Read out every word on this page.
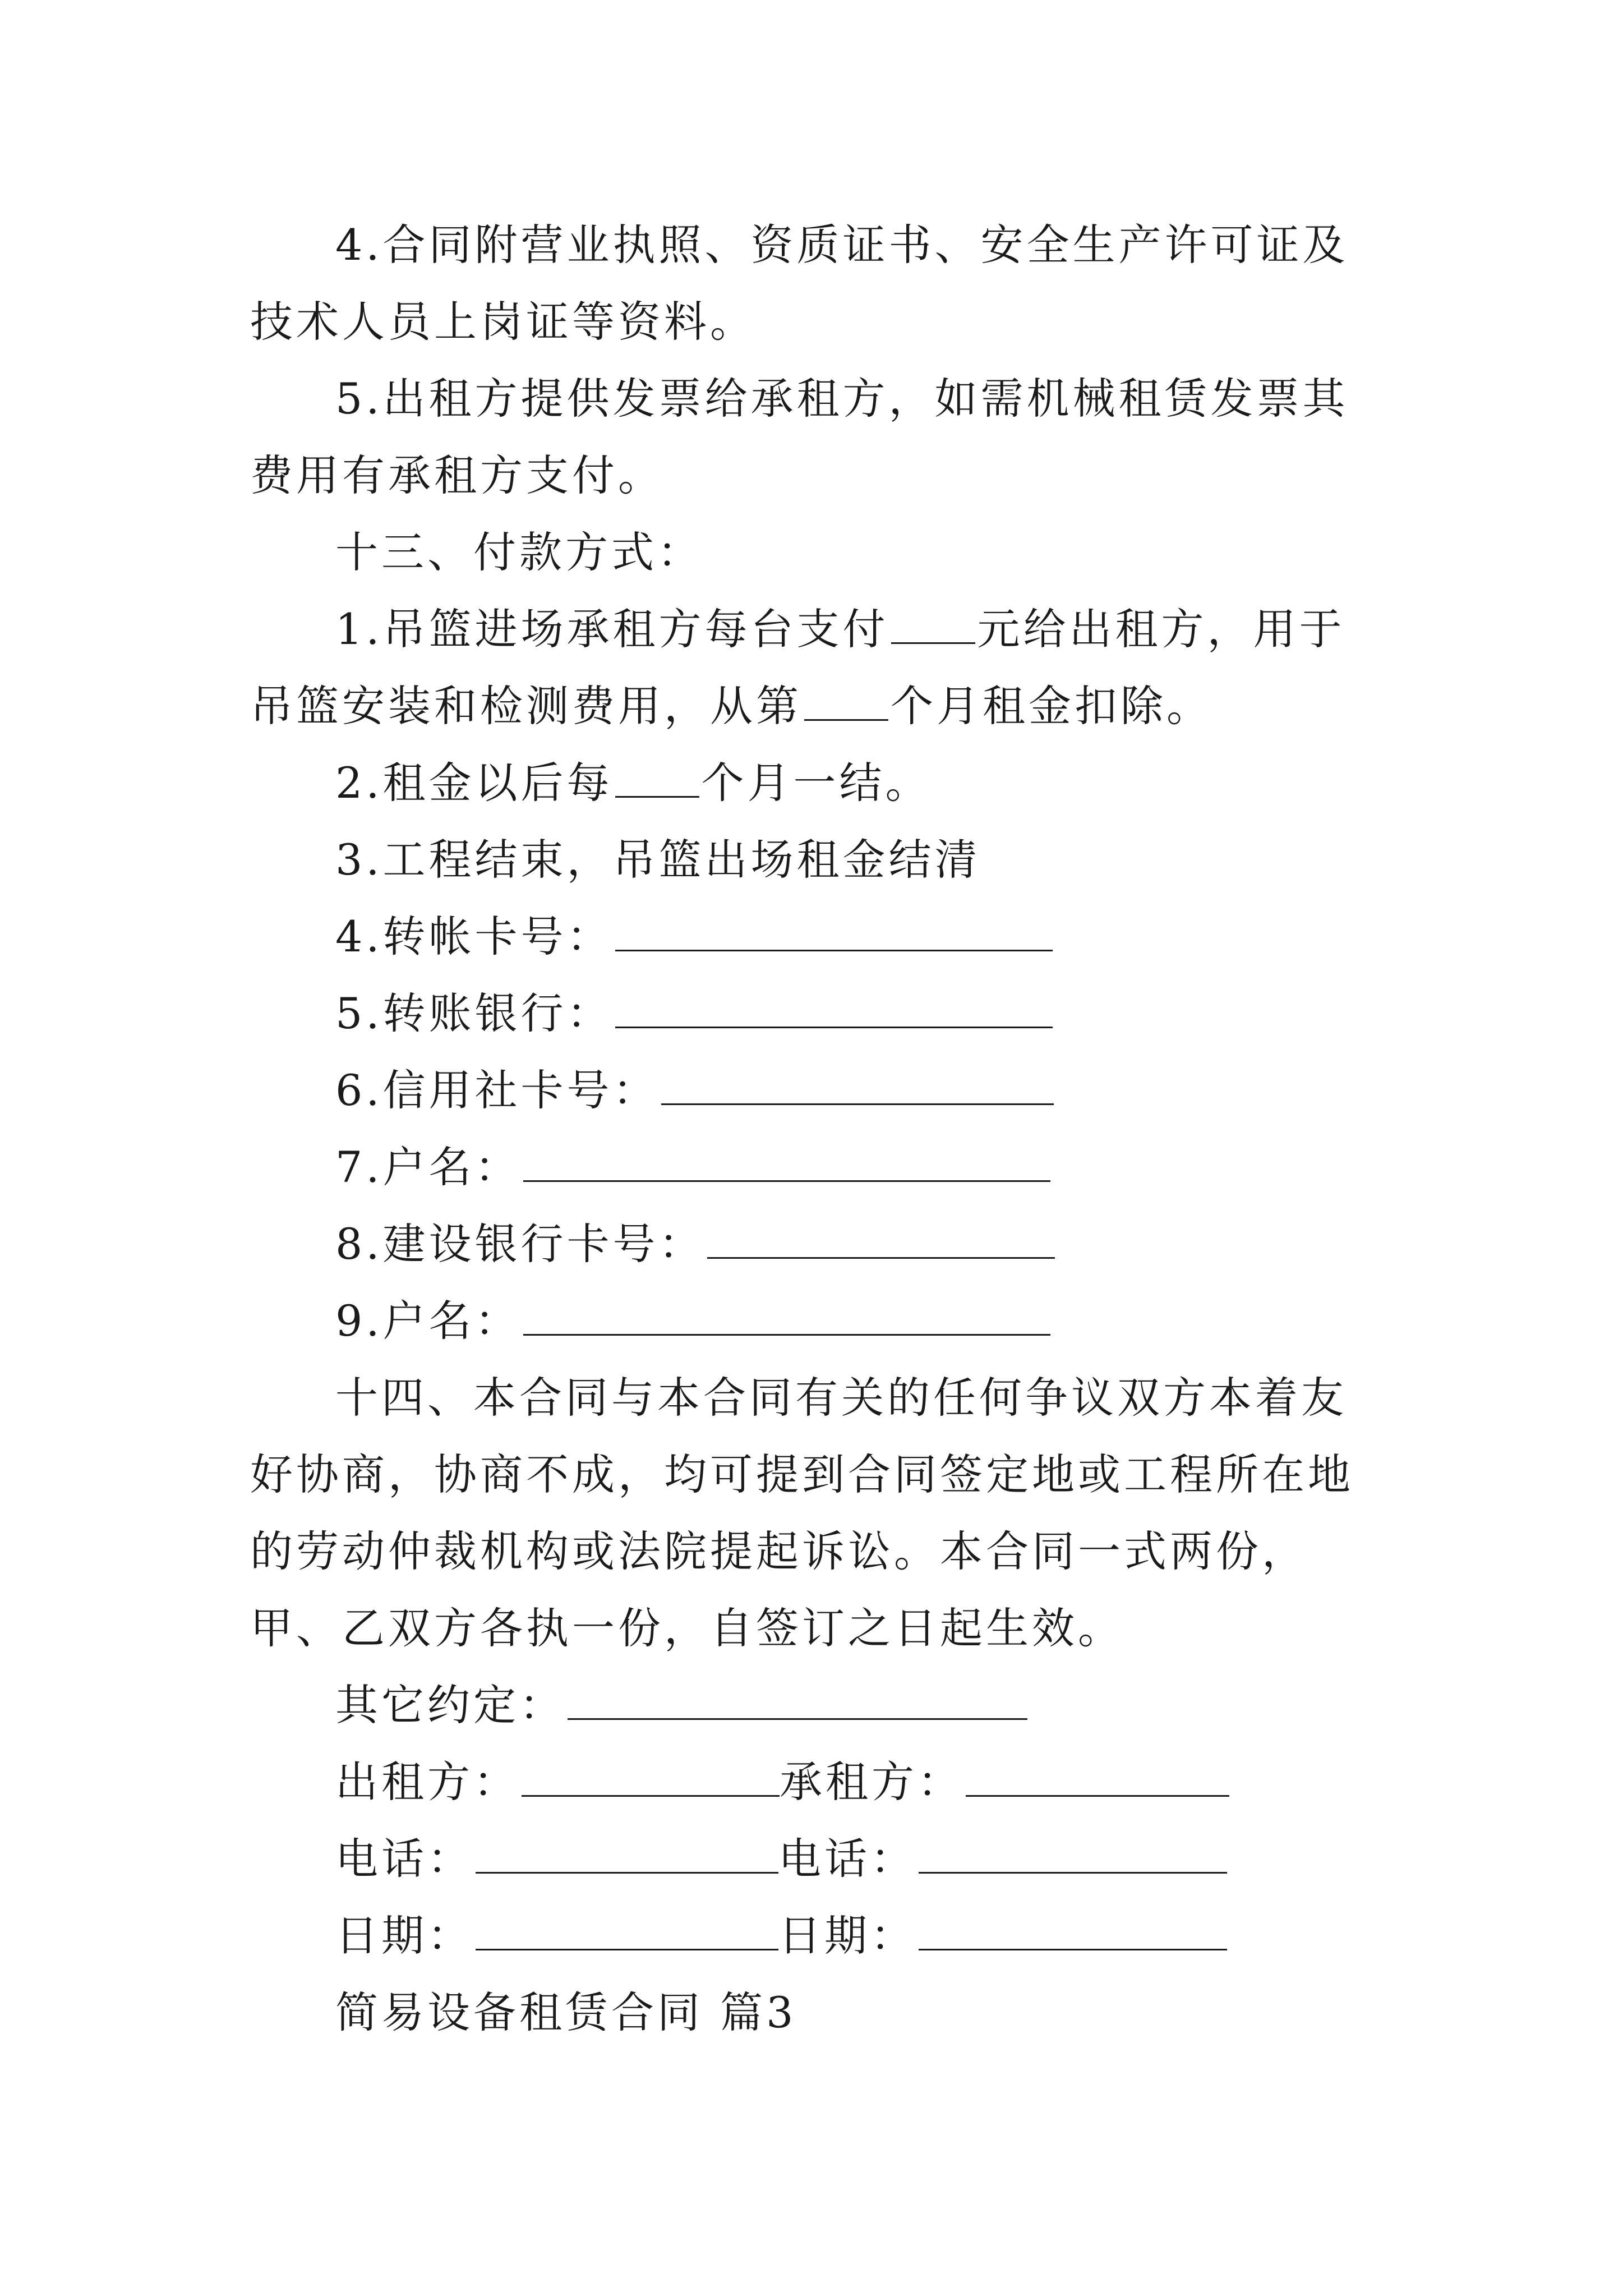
4.合同附营业执照、资质证书、安全生产许可证及技术人员上岗证等资料。

5.出租方提供发票给承租方，如需机械租赁发票其费用有承租方支付。

十三、付款方式：

1.吊篮进场承租方每台支付 元给出租方，用于吊篮安装和检测费用，从第 个月租金扣除。

2.租金以后每 个月一结。

3.工程结束，吊篮出场租金结清

4.转帐卡号：
5.转账银行：
6.信用社卡号：
7.户名：
8.建设银行卡号：
9.户名：

十四、本合同与本合同有关的任何争议双方本着友好协商，协商不成，均可提到合同签定地或工程所在地的劳动仲裁机构或法院提起诉讼。本合同一式两份，甲、乙双方各执一份，自签订之日起生效。

其它约定：
出租方：	承租方：
电话：	电话：
日期：	日期：

简易设备租赁合同 篇3
